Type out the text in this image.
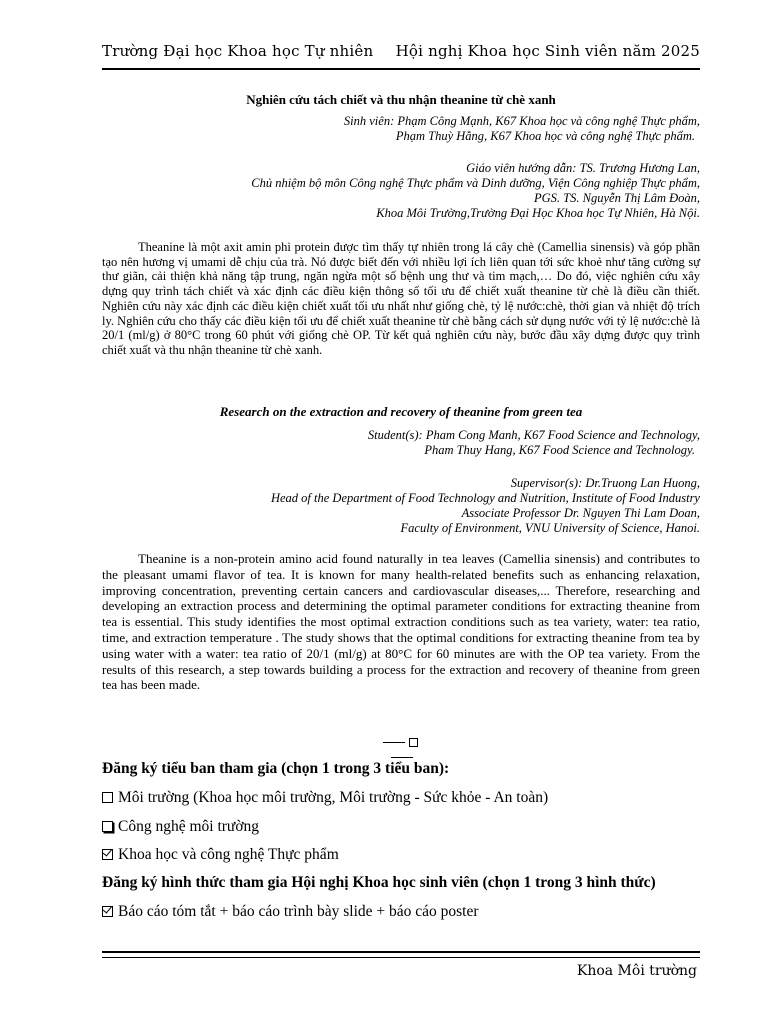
Trường Đại học Khoa học Tự nhiên Hội nghị Khoa học Sinh viên năm 2025
Nghiên cứu tách chiết và thu nhận theanine từ chè xanh
Sinh viên: Phạm Công Mạnh, K67 Khoa học và công nghệ Thực phẩm,
Phạm Thuỳ Hằng, K67 Khoa học và công nghệ Thực phẩm.
Giáo viên hướng dẫn: TS. Trương Hương Lan,
Chủ nhiệm bộ môn Công nghệ Thực phẩm và Dinh dưỡng, Viện Công nghiệp Thực phẩm,
PGS. TS. Nguyễn Thị Lâm Đoàn,
Khoa Môi Trường,Trường Đại Học Khoa học Tự Nhiên, Hà Nội.
Theanine là một axit amin phi protein được tìm thấy tự nhiên trong lá cây chè (Camellia sinensis) và góp phần tạo nên hương vị umami dễ chịu của trà. Nó được biết đến với nhiều lợi ích liên quan tới sức khoẻ như tăng cường sự thư giãn, cải thiện khả năng tập trung, ngăn ngừa một số bệnh ung thư và tim mạch,… Do đó, việc nghiên cứu xây dựng quy trình tách chiết và xác định các điều kiện thông số tối ưu để chiết xuất theanine từ chè là điều cần thiết. Nghiên cứu này xác định các điều kiện chiết xuất tối ưu nhất như giống chè, tỷ lệ nước:chè, thời gian và nhiệt độ trích ly. Nghiên cứu cho thấy các điều kiện tối ưu để chiết xuất theanine từ chè bằng cách sử dụng nước với tỷ lệ nước:chè là 20/1 (ml/g) ở 80°C trong 60 phút với giống chè OP. Từ kết quả nghiên cứu này, bước đầu xây dựng được quy trình chiết xuất và thu nhận theanine từ chè xanh.
Research on the extraction and recovery of theanine from green tea
Student(s): Pham Cong Manh, K67 Food Science and Technology,
Pham Thuy Hang, K67 Food Science and Technology.
Supervisor(s): Dr.Truong Lan Huong,
Head of the Department of Food Technology and Nutrition, Institute of Food Industry
Associate Professor Dr. Nguyen Thi Lam Doan,
Faculty of Environment, VNU University of Science, Hanoi.
Theanine is a non-protein amino acid found naturally in tea leaves (Camellia sinensis) and contributes to the pleasant umami flavor of tea. It is known for many health-related benefits such as enhancing relaxation, improving concentration, preventing certain cancers and cardiovascular diseases,... Therefore, researching and developing an extraction process and determining the optimal parameter conditions for extracting theanine from tea is essential. This study identifies the most optimal extraction conditions such as tea variety, water: tea ratio, time, and extraction temperature . The study shows that the optimal conditions for extracting theanine from tea by using water with a water: tea ratio of 20/1 (ml/g) at 80°C for 60 minutes are with the OP tea variety. From the results of this research, a step towards building a process for the extraction and recovery of theanine from green tea has been made.
Đăng ký tiểu ban tham gia (chọn 1 trong 3 tiểu ban):
Môi trường (Khoa học môi trường, Môi trường - Sức khỏe - An toàn)
Công nghệ môi trường
Khoa học và công nghệ Thực phẩm
Đăng ký hình thức tham gia Hội nghị Khoa học sinh viên (chọn 1 trong 3 hình thức)
Báo cáo tóm tắt + báo cáo trình bày slide + báo cáo poster
Khoa Môi trường
